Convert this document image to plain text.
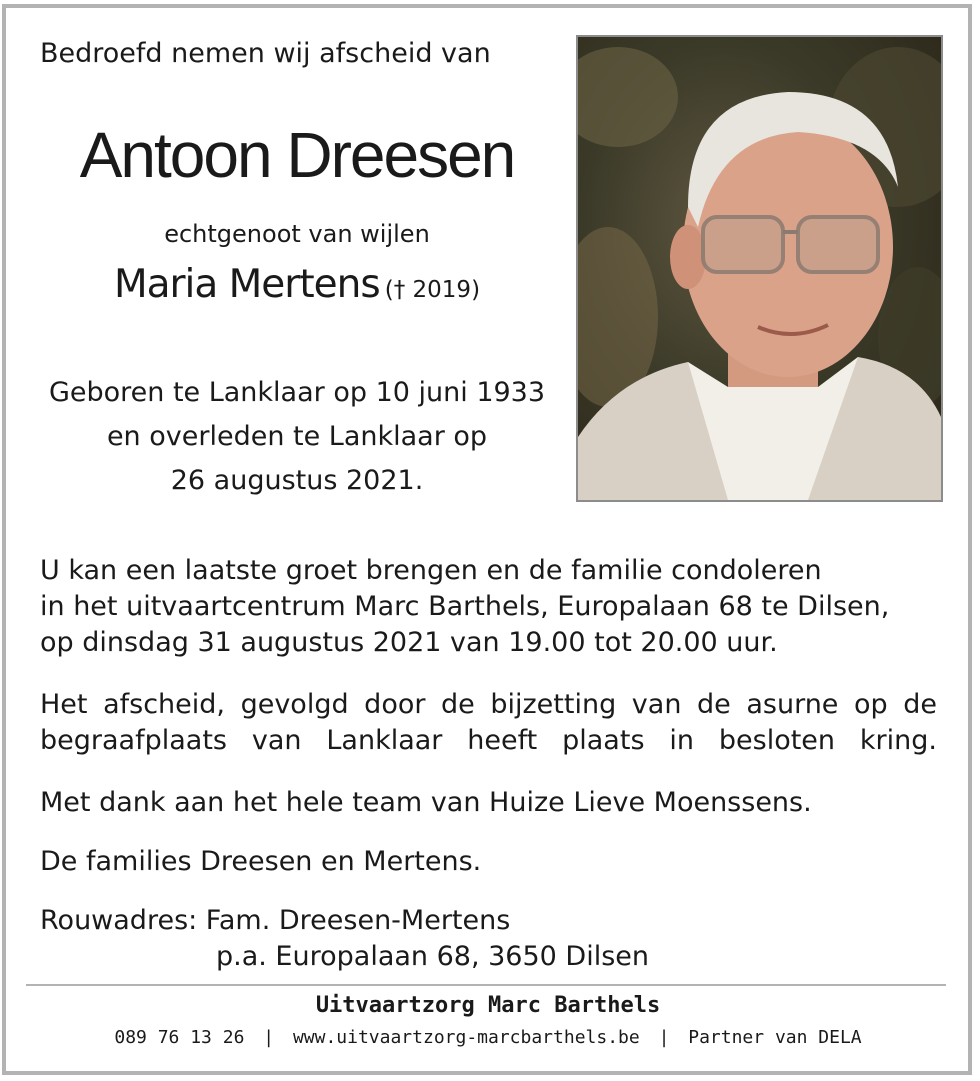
Bedroefd nemen wij afscheid van
Antoon Dreesen
echtgenoot van wijlen
Maria Mertens († 2019)
Geboren te Lanklaar op 10 juni 1933
en overleden te Lanklaar op
26 augustus 2021.
U kan een laatste groet brengen en de familie condoleren
in het uitvaartcentrum Marc Barthels, Europalaan 68 te Dilsen,
op dinsdag 31 augustus 2021 van 19.00 tot 20.00 uur.
Het afscheid, gevolgd door de bijzetting van de asurne op de begraafplaats van Lanklaar heeft plaats in besloten kring.
Met dank aan het hele team van Huize Lieve Moenssens.
De families Dreesen en Mertens.
Rouwadres: Fam. Dreesen-Mertens
p.a. Europalaan 68, 3650 Dilsen
Uitvaartzorg Marc Barthels
089 76 13 26 | www.uitvaartzorg-marcbarthels.be | Partner van DELA
